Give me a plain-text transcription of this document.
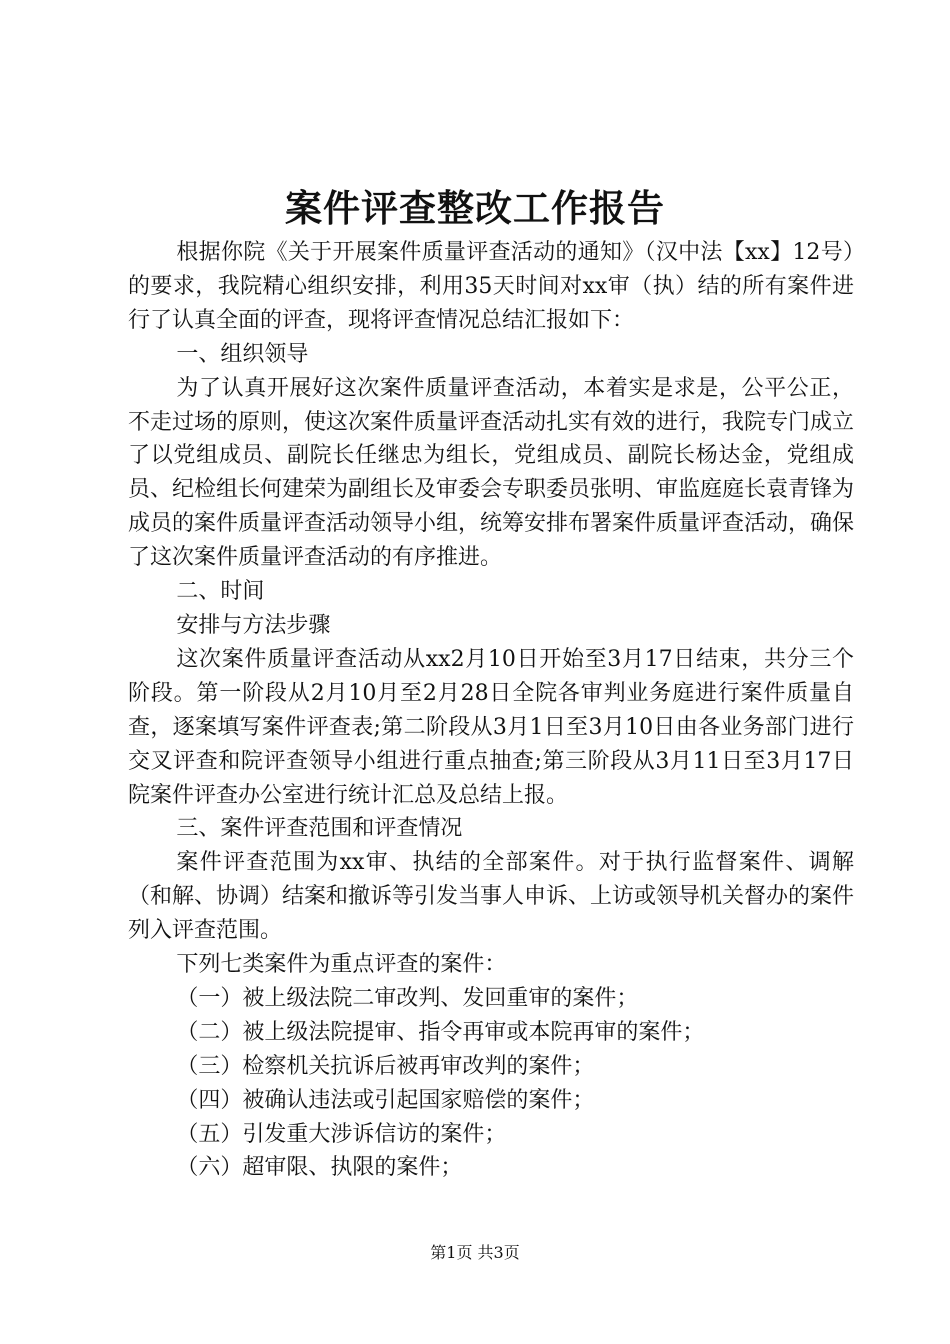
案件评查整改工作报告

根据你院《关于开展案件质量评查活动的通知》（汉中法【xx】12号）的要求，我院精心组织安排，利用35天时间对xx审（执）结的所有案件进行了认真全面的评查，现将评查情况总结汇报如下：

一、组织领导

为了认真开展好这次案件质量评查活动，本着实是求是，公平公正，不走过场的原则，使这次案件质量评查活动扎实有效的进行，我院专门成立了以党组成员、副院长任继忠为组长，党组成员、副院长杨达金，党组成员、纪检组长何建荣为副组长及审委会专职委员张明、审监庭庭长袁青锋为成员的案件质量评查活动领导小组，统筹安排布署案件质量评查活动，确保了这次案件质量评查活动的有序推进。

二、时间

安排与方法步骤

这次案件质量评查活动从xx2月10日开始至3月17日结束，共分三个阶段。第一阶段从2月10月至2月28日全院各审判业务庭进行案件质量自查，逐案填写案件评查表;第二阶段从3月1日至3月10日由各业务部门进行交叉评查和院评查领导小组进行重点抽查;第三阶段从3月11日至3月17日院案件评查办公室进行统计汇总及总结上报。

三、案件评查范围和评查情况

案件评查范围为xx审、执结的全部案件。对于执行监督案件、调解（和解、协调）结案和撤诉等引发当事人申诉、上访或领导机关督办的案件列入评查范围。

下列七类案件为重点评查的案件：

（一）被上级法院二审改判、发回重审的案件；

（二）被上级法院提审、指令再审或本院再审的案件；

（三）检察机关抗诉后被再审改判的案件；

（四）被确认违法或引起国家赔偿的案件；

（五）引发重大涉诉信访的案件；

（六）超审限、执限的案件；

第1页 共3页
